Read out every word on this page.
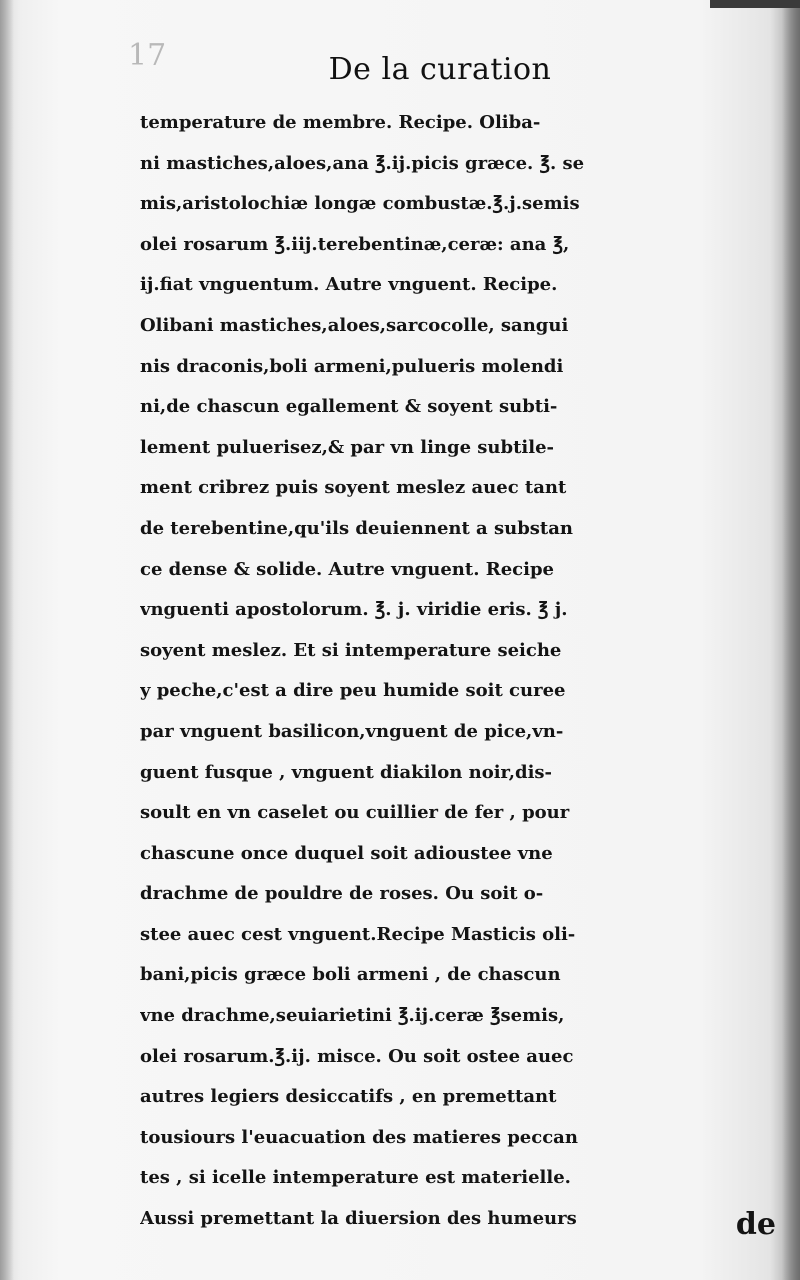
17	De la curation
temperature de membre. Recipe. Oliba-
ni mastiches,aloes,ana ℥.ij.picis græce. ℥. se
mis,aristolochiæ longæ combustæ.℥.j.semis
olei rosarum ℥.iij.terebentinæ,ceræ: ana ℥,
ij.fiat vnguentum. Autre vnguent. Recipe.
Olibani mastiches,aloes,sarcocolle, sangui
nis draconis,boli armeni,pulueris molendi
ni,de chascun egallement & soyent subti-
lement puluerisez,& par vn linge subtile-
ment cribrez puis soyent meslez auec tant
de terebentine,qu'ils deuiennent a substan
ce dense & solide. Autre vnguent. Recipe
vnguenti apostolorum. ℥. j. viridie eris. ℥ j.
soyent meslez. Et si intemperature seiche
y peche,c'est a dire peu humide soit curee
par vnguent basilicon,vnguent de pice,vn-
guent fusque , vnguent diakilon noir,dis-
soult en vn caselet ou cuillier de fer , pour
chascune once duquel soit adioustee vne
drachme de pouldre de roses. Ou soit o-
stee auec cest vnguent.Recipe Masticis oli-
bani,picis græce boli armeni , de chascun
vne drachme,seuiarietini ℥.ij.ceræ ℥semis,
olei rosarum.℥.ij. misce. Ou soit ostee auec
autres legiers desiccatifs , en premettant
tousiours l'euacuation des matieres peccan
tes , si icelle intemperature est materielle.
Aussi premettant la diuersion des humeurs	de
